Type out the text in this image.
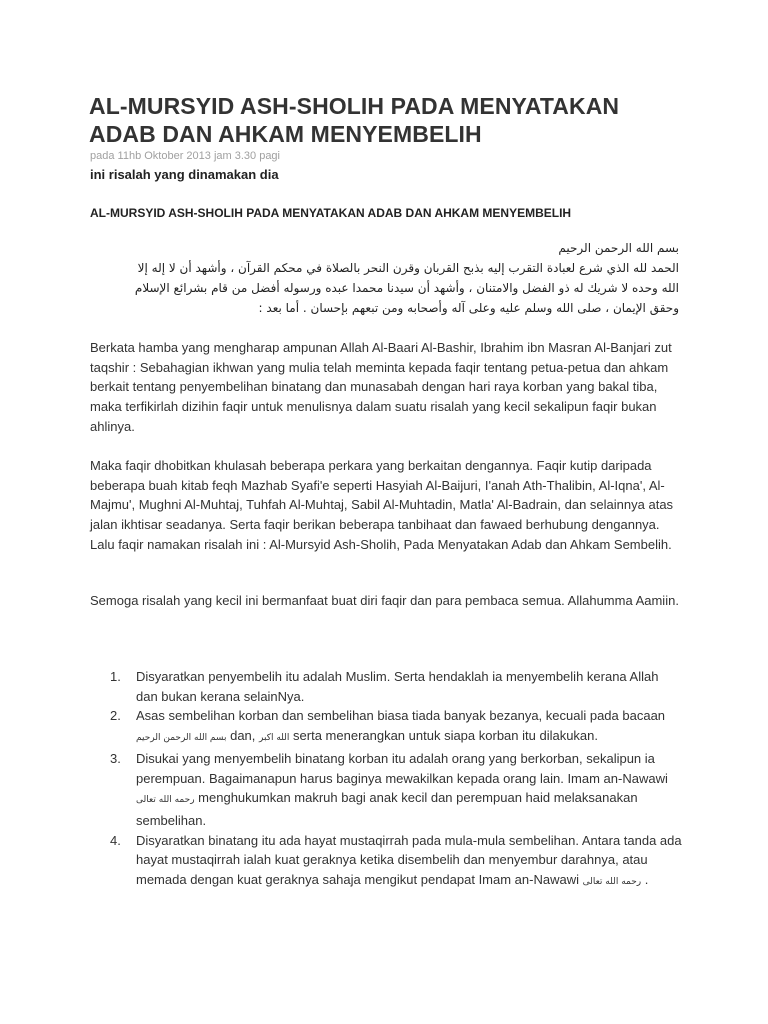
AL-MURSYID ASH-SHOLIH PADA MENYATAKAN ADAB DAN AHKAM MENYEMBELIH
pada 11hb Oktober 2013 jam 3.30 pagi
ini risalah yang dinamakan dia
AL-MURSYID ASH-SHOLIH PADA MENYATAKAN ADAB DAN AHKAM MENYEMBELIH
بسم الله الرحمن الرحيم
الحمد لله الذي شرع لعبادة التقرب إليه بذبح القربان وقرن النحر بالصلاة في محكم القرآن ، وأشهد أن لا إله إلا
الله وحده لا شريك له ذو الفضل والامتنان ، وأشهد أن سيدنا محمدا عبده ورسوله أفضل من قام بشرائع الإسلام
وحقق الإيمان ، صلى الله وسلم عليه وعلى آله وأصحابه ومن تبعهم بإحسان . أما بعد :

Berkata hamba yang mengharap ampunan Allah Al-Baari Al-Bashir, Ibrahim ibn Masran Al-Banjari zut taqshir : Sebahagian ikhwan yang mulia telah meminta kepada faqir tentang petua-petua dan ahkam berkait tentang penyembelihan binatang dan munasabah dengan hari raya korban yang bakal tiba, maka terfikirlah dizihin faqir untuk menulisnya dalam suatu risalah yang kecil sekalipun faqir bukan ahlinya.

Maka faqir dhobitkan khulasah beberapa perkara yang berkaitan dengannya. Faqir kutip daripada beberapa buah kitab feqh Mazhab Syafi'e seperti Hasyiah Al-Baijuri, I'anah Ath-Thalibin, Al-Iqna', Al-Majmu', Mughni Al-Muhtaj, Tuhfah Al-Muhtaj, Sabil Al-Muhtadin, Matla' Al-Badrain, dan selainnya atas jalan ikhtisar seadanya. Serta faqir berikan beberapa tanbihaat dan fawaed berhubung dengannya. Lalu faqir namakan risalah ini : Al-Mursyid Ash-Sholih, Pada Menyatakan Adab dan Ahkam Sembelih.

Semoga risalah yang kecil ini bermanfaat buat diri faqir dan para pembaca semua. Allahumma Aamiin.

1. Disyaratkan penyembelih itu adalah Muslim. Serta hendaklah ia menyembelih kerana Allah dan bukan kerana selainNya.
2. Asas sembelihan korban dan sembelihan biasa tiada banyak bezanya, kecuali pada bacaan بسم الله الرحمن الرحيم dan, الله اكبر serta menerangkan untuk siapa korban itu dilakukan.
3. Disukai yang menyembelih binatang korban itu adalah orang yang berkorban, sekalipun ia perempuan. Bagaimanapun harus baginya mewakilkan kepada orang lain. Imam an-Nawawi رحمه الله تعالى menghukumkan makruh bagi anak kecil dan perempuan haid melaksanakan sembelihan.
4. Disyaratkan binatang itu ada hayat mustaqirrah pada mula-mula sembelihan. Antara tanda ada hayat mustaqirrah ialah kuat geraknya ketika disembelih dan menyembur darahnya, atau memada dengan kuat geraknya sahaja mengikut pendapat Imam an-Nawawi رحمه الله تعالى .
